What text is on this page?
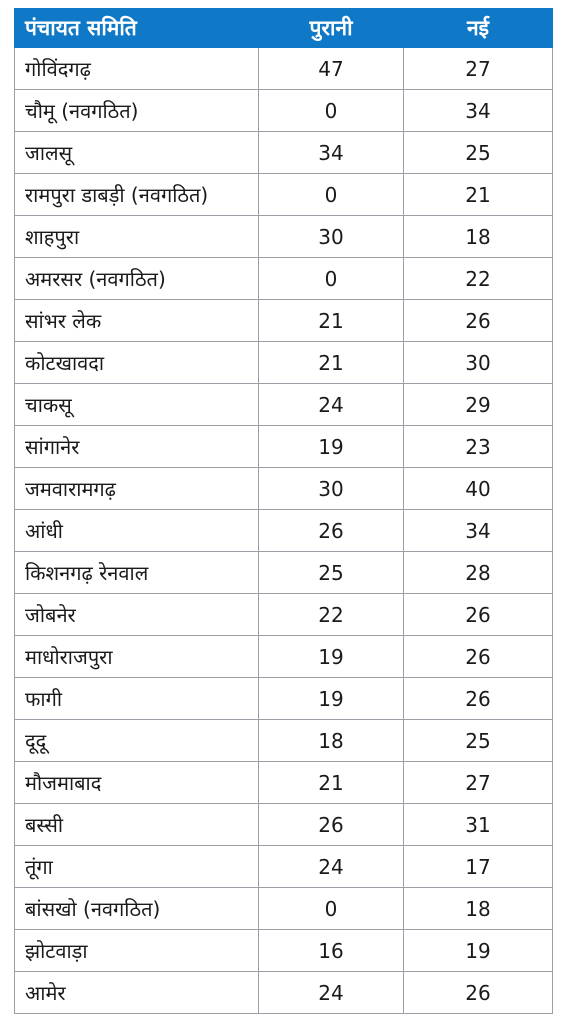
पंचायत समिति	पुरानी	नई
गोविंदगढ़	47	27
चौमू (नवगठित)	0	34
जालसू	34	25
रामपुरा डाबड़ी (नवगठित)	0	21
शाहपुरा	30	18
अमरसर (नवगठित)	0	22
सांभर लेक	21	26
कोटखावदा	21	30
चाकसू	24	29
सांगानेर	19	23
जमवारामगढ़	30	40
आंधी	26	34
किशनगढ़ रेनवाल	25	28
जोबनेर	22	26
माधोराजपुरा	19	26
फागी	19	26
दूदू	18	25
मौजमाबाद	21	27
बस्सी	26	31
तूंगा	24	17
बांसखो (नवगठित)	0	18
झोटवाड़ा	16	19
आमेर	24	26
